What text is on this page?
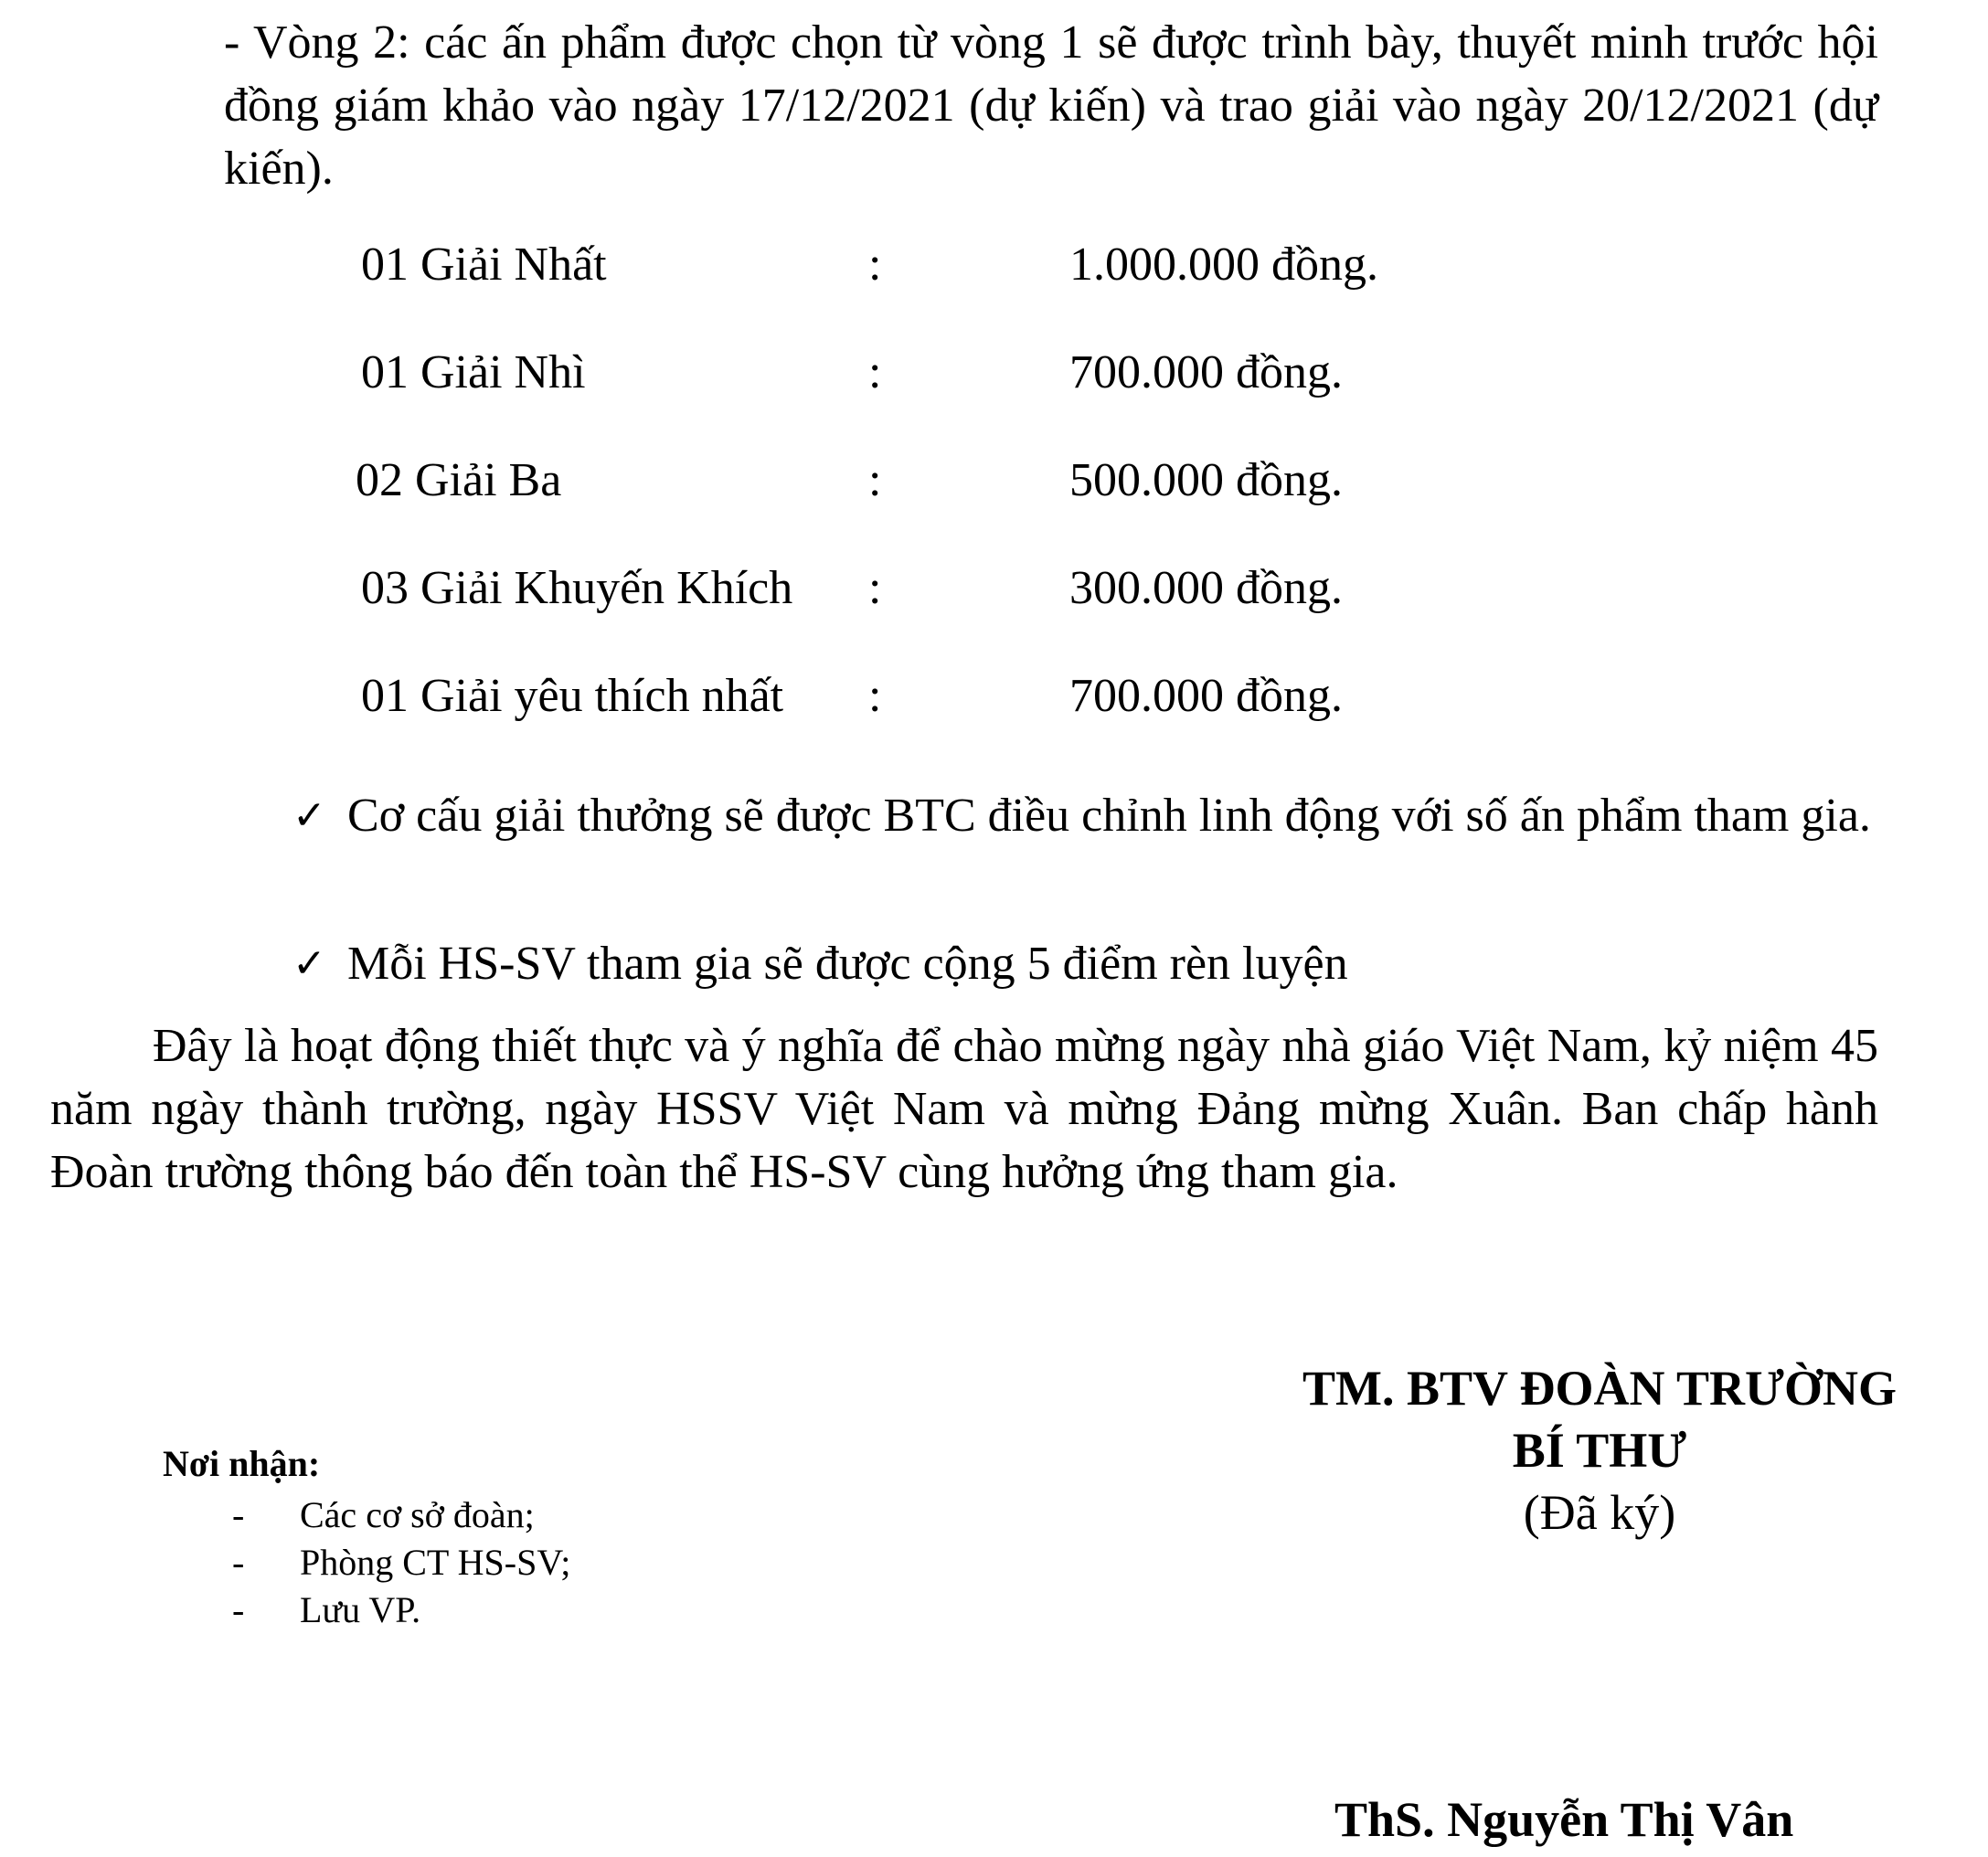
- Vòng 2: các ấn phẩm được chọn từ vòng 1 sẽ được trình bày, thuyết minh trước hội đồng giám khảo vào ngày 17/12/2021 (dự kiến) và trao giải vào ngày 20/12/2021 (dự kiến).

01 Giải Nhất	:	1.000.000 đồng.
01 Giải Nhì	:	700.000 đồng.
02 Giải Ba	:	500.000 đồng.
03 Giải Khuyến Khích :	300.000 đồng.
01 Giải yêu thích nhất :	700.000 đồng.
✓ Cơ cấu giải thưởng sẽ được BTC điều chỉnh linh động với số ấn phẩm tham gia.
✓ Mỗi HS-SV tham gia sẽ được cộng 5 điểm rèn luyện

Đây là hoạt động thiết thực và ý nghĩa để chào mừng ngày nhà giáo Việt Nam, kỷ niệm 45 năm ngày thành trường, ngày HSSV Việt Nam và mừng Đảng mừng Xuân. Ban chấp hành Đoàn trường thông báo đến toàn thể HS-SV cùng hưởng ứng tham gia.

Nơi nhận:
- Các cơ sở đoàn;
- Phòng CT HS-SV;
- Lưu VP.
TM. BTV ĐOÀN TRƯỜNG
BÍ THƯ
(Đã ký)
ThS. Nguyễn Thị Vân
